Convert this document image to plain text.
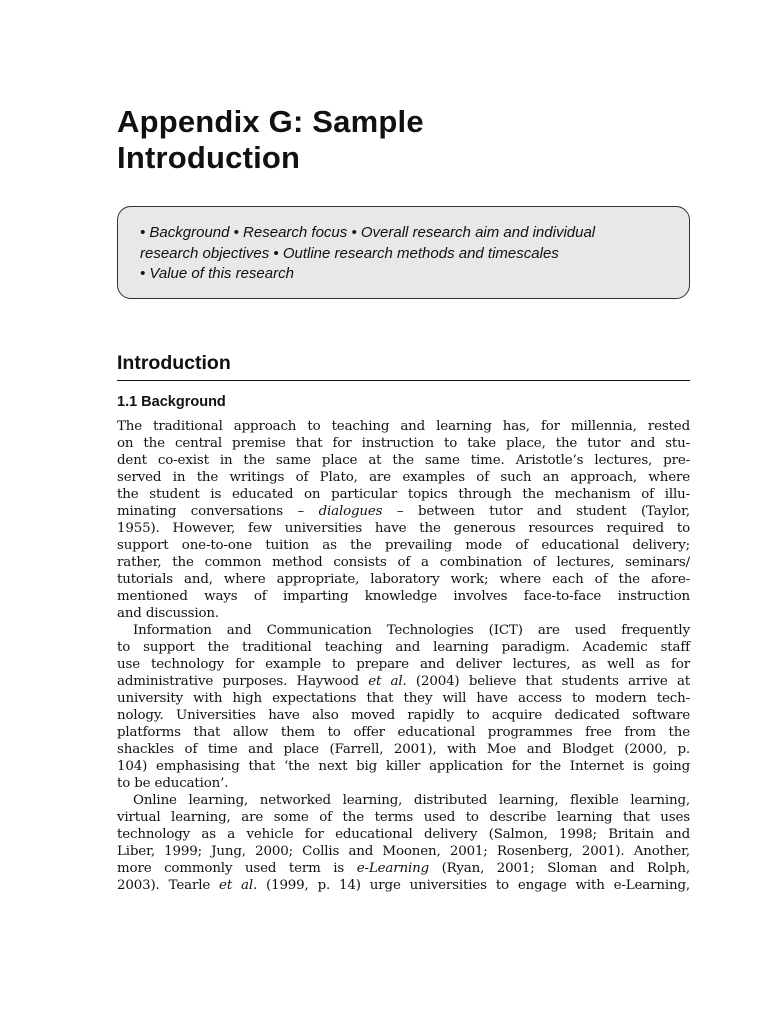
Appendix G: Sample
Introduction
• Background • Research focus • Overall research aim and individual
research objectives • Outline research methods and timescales
• Value of this research
Introduction
1.1 Background
The traditional approach to teaching and learning has, for millennia, rested
on the central premise that for instruction to take place, the tutor and stu-
dent co-exist in the same place at the same time. Aristotle’s lectures, pre-
served in the writings of Plato, are examples of such an approach, where
the student is educated on particular topics through the mechanism of illu-
minating conversations – dialogues – between tutor and student (Taylor,
1955). However, few universities have the generous resources required to
support one-to-one tuition as the prevailing mode of educational delivery;
rather, the common method consists of a combination of lectures, seminars/
tutorials and, where appropriate, laboratory work; where each of the afore-
mentioned ways of imparting knowledge involves face-to-face instruction
and discussion.
Information and Communication Technologies (ICT) are used frequently
to support the traditional teaching and learning paradigm. Academic staff
use technology for example to prepare and deliver lectures, as well as for
administrative purposes. Haywood et al. (2004) believe that students arrive at
university with high expectations that they will have access to modern tech-
nology. Universities have also moved rapidly to acquire dedicated software
platforms that allow them to offer educational programmes free from the
shackles of time and place (Farrell, 2001), with Moe and Blodget (2000, p.
104) emphasising that ‘the next big killer application for the Internet is going
to be education’.
Online learning, networked learning, distributed learning, flexible learning,
virtual learning, are some of the terms used to describe learning that uses
technology as a vehicle for educational delivery (Salmon, 1998; Britain and
Liber, 1999; Jung, 2000; Collis and Moonen, 2001; Rosenberg, 2001). Another,
more commonly used term is e-Learning (Ryan, 2001; Sloman and Rolph,
2003). Tearle et al. (1999, p. 14) urge universities to engage with e-Learning,
